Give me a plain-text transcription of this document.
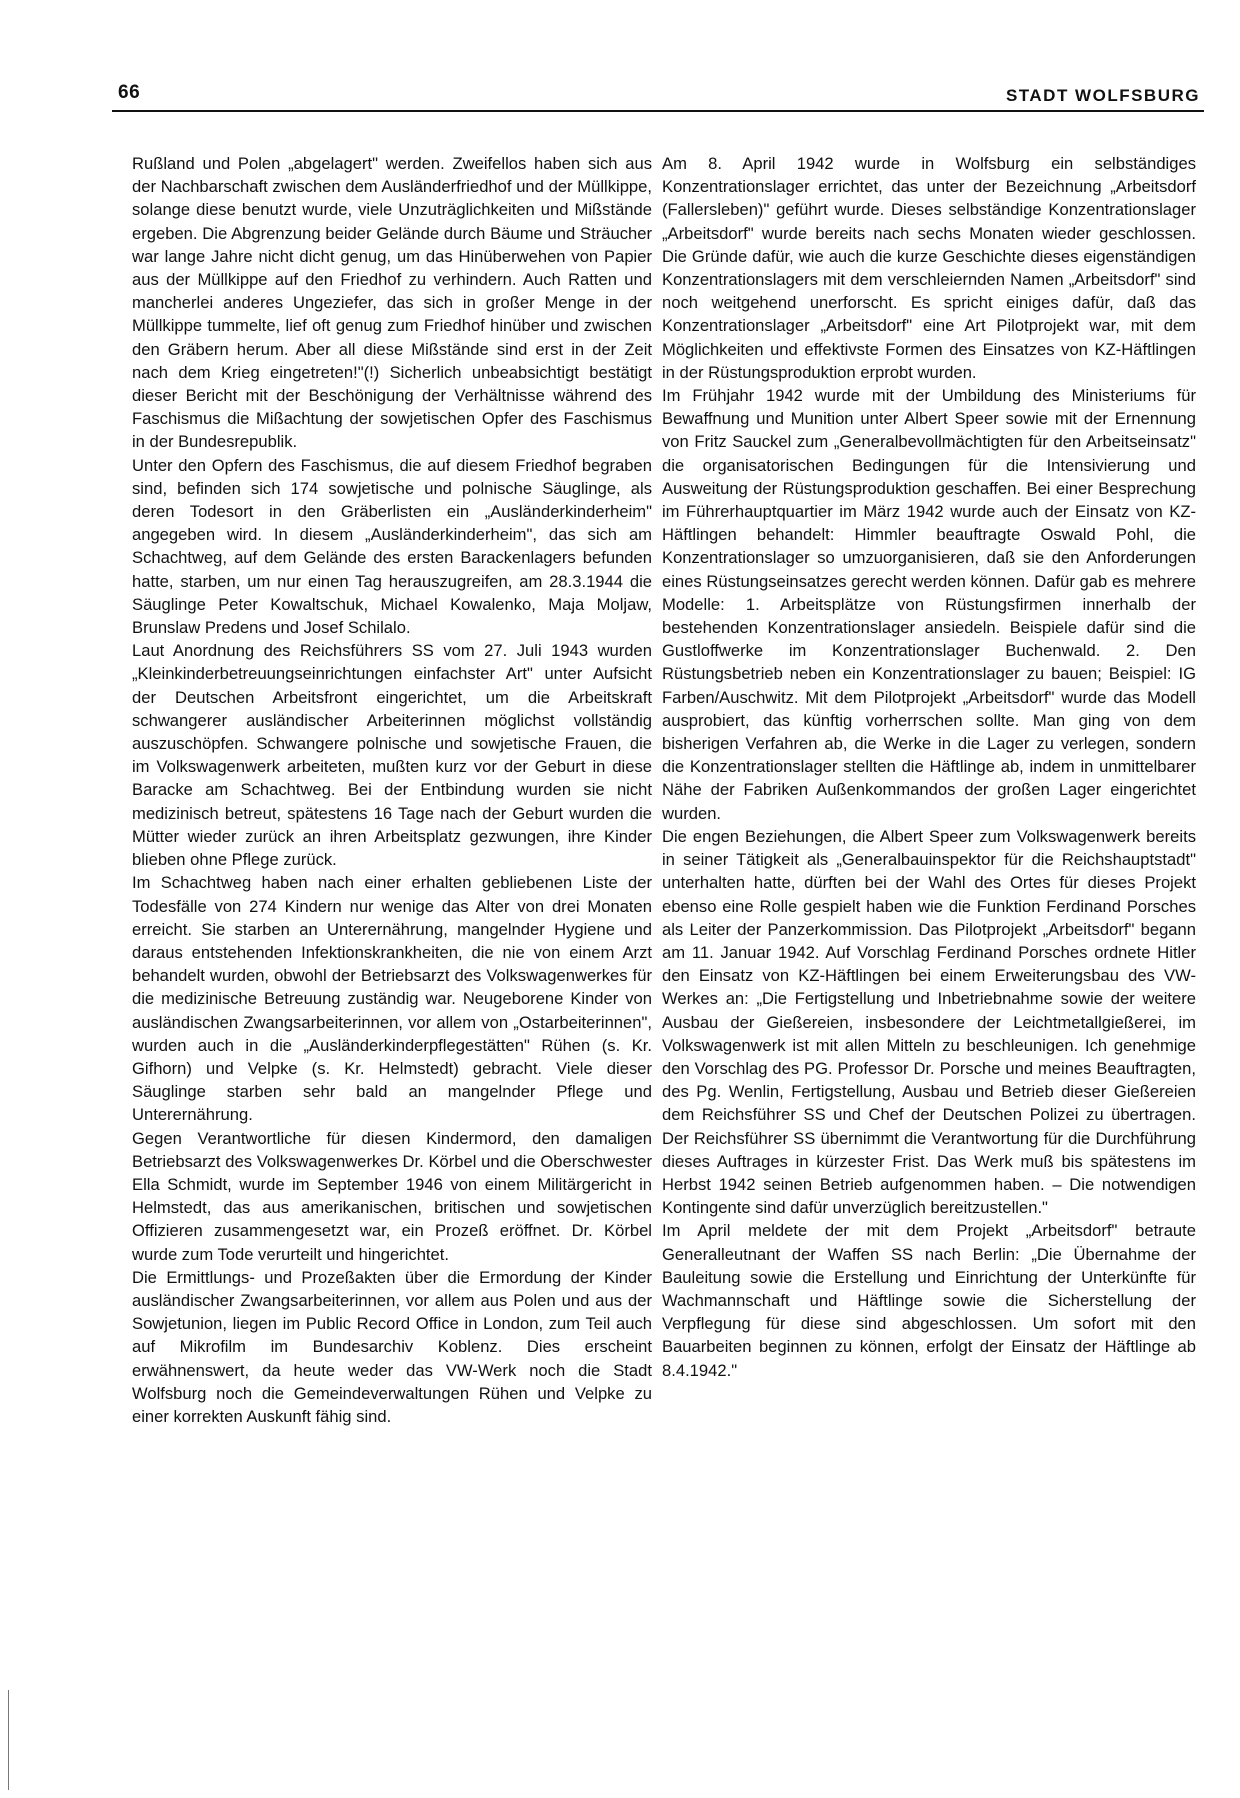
66	STADT WOLFSBURG

Rußland und Polen „abgelagert" werden. Zweifellos haben sich aus der Nachbarschaft zwischen dem Ausländerfriedhof und der Müllkippe, solange diese benutzt wurde, viele Unzuträglichkeiten und Mißstände ergeben. Die Abgrenzung beider Gelände durch Bäume und Sträucher war lange Jahre nicht dicht genug, um das Hinüberwehen von Papier aus der Müllkippe auf den Friedhof zu verhindern. Auch Ratten und mancherlei anderes Ungeziefer, das sich in großer Menge in der Müllkippe tummelte, lief oft genug zum Friedhof hinüber und zwischen den Gräbern herum. Aber all diese Mißstände sind erst in der Zeit nach dem Krieg eingetreten!"(!) Sicherlich unbeabsichtigt bestätigt dieser Bericht mit der Beschönigung der Verhältnisse während des Faschismus die Mißachtung der sowjetischen Opfer des Faschismus in der Bundesrepublik.

Unter den Opfern des Faschismus, die auf diesem Friedhof begraben sind, befinden sich 174 sowjetische und polnische Säuglinge, als deren Todesort in den Gräberlisten ein „Ausländerkinderheim" angegeben wird. In diesem „Ausländerkinderheim", das sich am Schachtweg, auf dem Gelände des ersten Barackenlagers befunden hatte, starben, um nur einen Tag herauszugreifen, am 28.3.1944 die Säuglinge Peter Kowaltschuk, Michael Kowalenko, Maja Moljaw, Brunslaw Predens und Josef Schilalo.

Laut Anordnung des Reichsführers SS vom 27. Juli 1943 wurden „Kleinkinderbetreuungseinrichtungen einfachster Art" unter Aufsicht der Deutschen Arbeitsfront eingerichtet, um die Arbeitskraft schwangerer ausländischer Arbeiterinnen möglichst vollständig auszuschöpfen. Schwangere polnische und sowjetische Frauen, die im Volkswagenwerk arbeiteten, mußten kurz vor der Geburt in diese Baracke am Schachtweg. Bei der Entbindung wurden sie nicht medizinisch betreut, spätestens 16 Tage nach der Geburt wurden die Mütter wieder zurück an ihren Arbeitsplatz gezwungen, ihre Kinder blieben ohne Pflege zurück.

Im Schachtweg haben nach einer erhalten gebliebenen Liste der Todesfälle von 274 Kindern nur wenige das Alter von drei Monaten erreicht. Sie starben an Unterernährung, mangelnder Hygiene und daraus entstehenden Infektionskrankheiten, die nie von einem Arzt behandelt wurden, obwohl der Betriebsarzt des Volkswagenwerkes für die medizinische Betreuung zuständig war. Neugeborene Kinder von ausländischen Zwangsarbeiterinnen, vor allem von „Ostarbeiterinnen", wurden auch in die „Ausländerkinderpflegestätten" Rühen (s. Kr. Gifhorn) und Velpke (s. Kr. Helmstedt) gebracht. Viele dieser Säuglinge starben sehr bald an mangelnder Pflege und Unterernährung.

Gegen Verantwortliche für diesen Kindermord, den damaligen Betriebsarzt des Volkswagenwerkes Dr. Körbel und die Oberschwester Ella Schmidt, wurde im September 1946 von einem Militärgericht in Helmstedt, das aus amerikanischen, britischen und sowjetischen Offizieren zusammengesetzt war, ein Prozeß eröffnet. Dr. Körbel wurde zum Tode verurteilt und hingerichtet.

Die Ermittlungs- und Prozeßakten über die Ermordung der Kinder ausländischer Zwangsarbeiterinnen, vor allem aus Polen und aus der Sowjetunion, liegen im Public Record Office in London, zum Teil auch auf Mikrofilm im Bundesarchiv Koblenz. Dies erscheint erwähnenswert, da heute weder das VW-Werk noch die Stadt Wolfsburg noch die Gemeindeverwaltungen Rühen und Velpke zu einer korrekten Auskunft fähig sind.

Am 8. April 1942 wurde in Wolfsburg ein selbständiges Konzentrationslager errichtet, das unter der Bezeichnung „Arbeitsdorf (Fallersleben)" geführt wurde. Dieses selbständige Konzentrationslager „Arbeitsdorf" wurde bereits nach sechs Monaten wieder geschlossen. Die Gründe dafür, wie auch die kurze Geschichte dieses eigenständigen Konzentrationslagers mit dem verschleiernden Namen „Arbeitsdorf" sind noch weitgehend unerforscht. Es spricht einiges dafür, daß das Konzentrationslager „Arbeitsdorf" eine Art Pilotprojekt war, mit dem Möglichkeiten und effektivste Formen des Einsatzes von KZ-Häftlingen in der Rüstungsproduktion erprobt wurden.

Im Frühjahr 1942 wurde mit der Umbildung des Ministeriums für Bewaffnung und Munition unter Albert Speer sowie mit der Ernennung von Fritz Sauckel zum „Generalbevollmächtigten für den Arbeitseinsatz" die organisatorischen Bedingungen für die Intensivierung und Ausweitung der Rüstungsproduktion geschaffen. Bei einer Besprechung im Führerhauptquartier im März 1942 wurde auch der Einsatz von KZ-Häftlingen behandelt: Himmler beauftragte Oswald Pohl, die Konzentrationslager so umzuorganisieren, daß sie den Anforderungen eines Rüstungseinsatzes gerecht werden können. Dafür gab es mehrere Modelle: 1. Arbeitsplätze von Rüstungsfirmen innerhalb der bestehenden Konzentrationslager ansiedeln. Beispiele dafür sind die Gustloffwerke im Konzentrationslager Buchenwald. 2. Den Rüstungsbetrieb neben ein Konzentrationslager zu bauen; Beispiel: IG Farben/Auschwitz. Mit dem Pilotprojekt „Arbeitsdorf" wurde das Modell ausprobiert, das künftig vorherrschen sollte. Man ging von dem bisherigen Verfahren ab, die Werke in die Lager zu verlegen, sondern die Konzentrationslager stellten die Häftlinge ab, indem in unmittelbarer Nähe der Fabriken Außenkommandos der großen Lager eingerichtet wurden.

Die engen Beziehungen, die Albert Speer zum Volkswagenwerk bereits in seiner Tätigkeit als „Generalbauinspektor für die Reichshauptstadt" unterhalten hatte, dürften bei der Wahl des Ortes für dieses Projekt ebenso eine Rolle gespielt haben wie die Funktion Ferdinand Porsches als Leiter der Panzerkommission. Das Pilotprojekt „Arbeitsdorf" begann am 11. Januar 1942. Auf Vorschlag Ferdinand Porsches ordnete Hitler den Einsatz von KZ-Häftlingen bei einem Erweiterungsbau des VW-Werkes an: „Die Fertigstellung und Inbetriebnahme sowie der weitere Ausbau der Gießereien, insbesondere der Leichtmetallgießerei, im Volkswagenwerk ist mit allen Mitteln zu beschleunigen. Ich genehmige den Vorschlag des PG. Professor Dr. Porsche und meines Beauftragten, des Pg. Wenlin, Fertigstellung, Ausbau und Betrieb dieser Gießereien dem Reichsführer SS und Chef der Deutschen Polizei zu übertragen. Der Reichsführer SS übernimmt die Verantwortung für die Durchführung dieses Auftrages in kürzester Frist. Das Werk muß bis spätestens im Herbst 1942 seinen Betrieb aufgenommen haben. – Die notwendigen Kontingente sind dafür unverzüglich bereitzustellen."

Im April meldete der mit dem Projekt „Arbeitsdorf" betraute Generalleutnant der Waffen SS nach Berlin: „Die Übernahme der Bauleitung sowie die Erstellung und Einrichtung der Unterkünfte für Wachmannschaft und Häftlinge sowie die Sicherstellung der Verpflegung für diese sind abgeschlossen. Um sofort mit den Bauarbeiten beginnen zu können, erfolgt der Einsatz der Häftlinge ab 8.4.1942."
